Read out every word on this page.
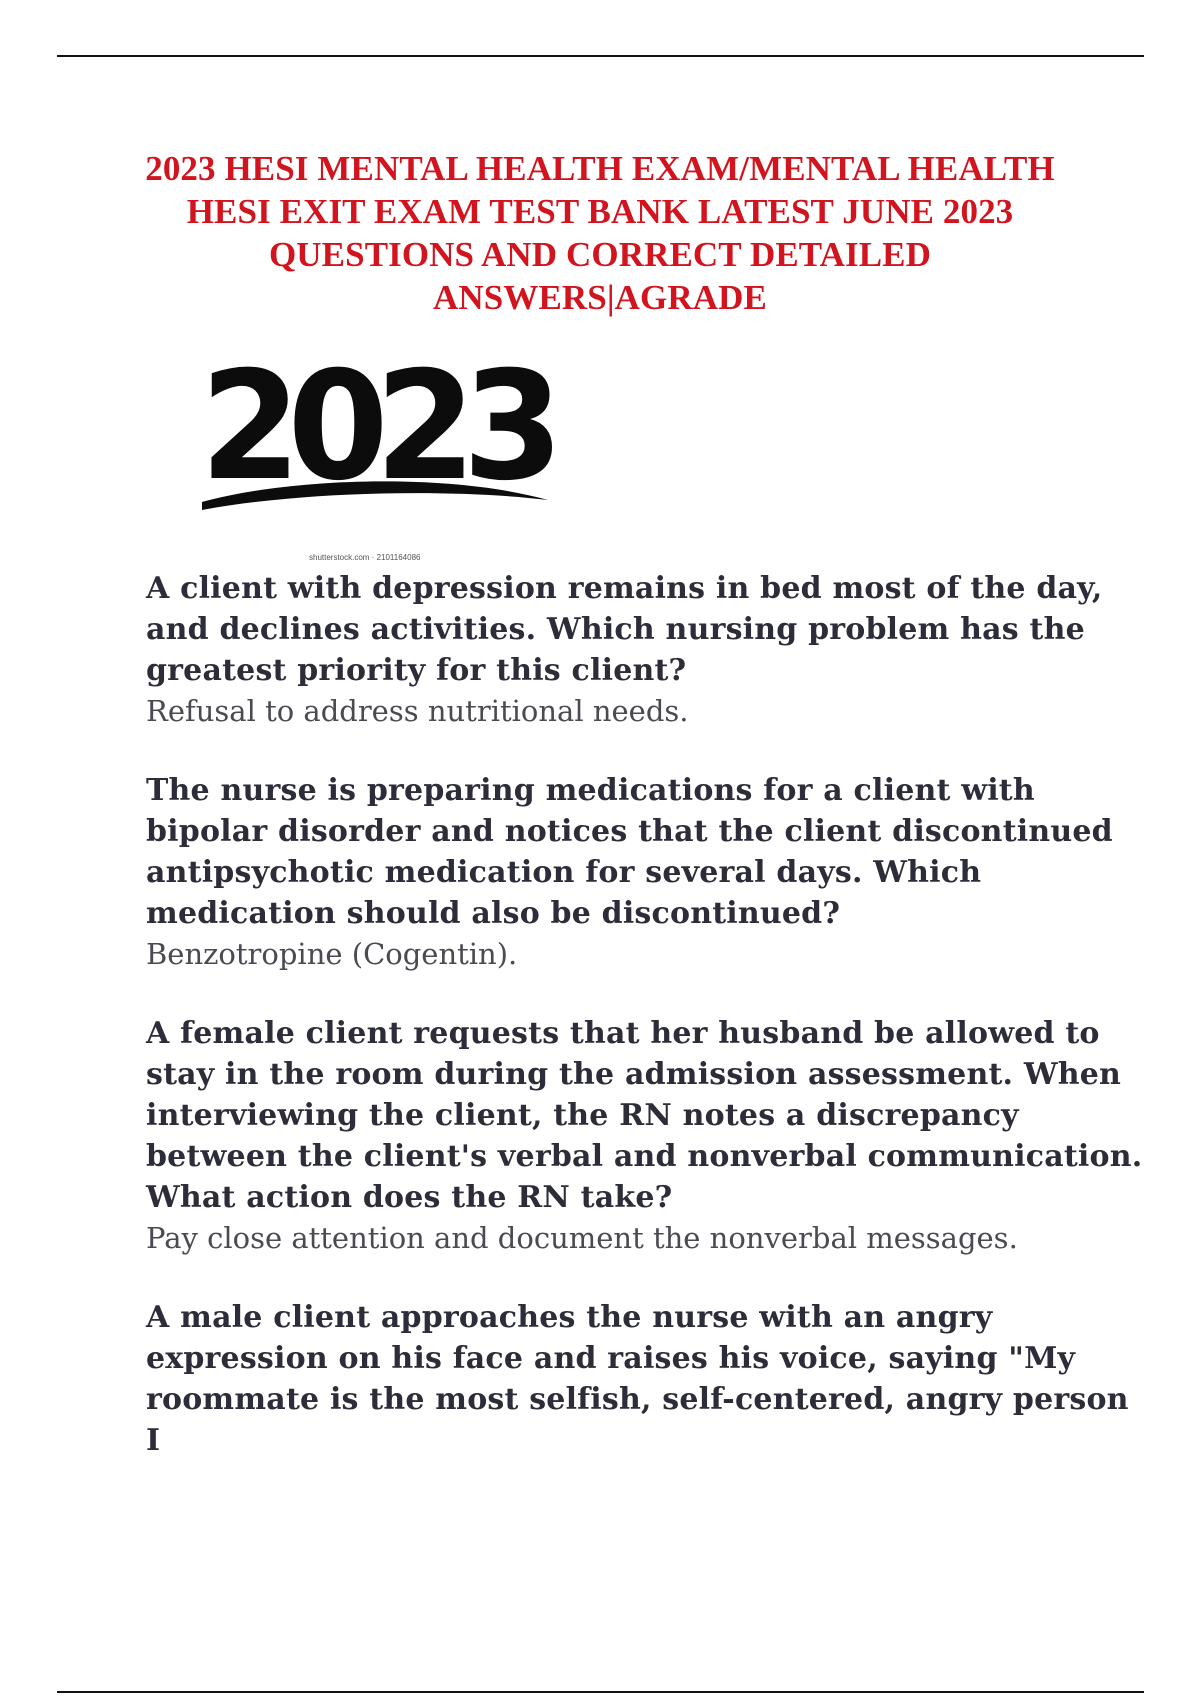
2023 HESI MENTAL HEALTH EXAM/MENTAL HEALTH HESI EXIT EXAM TEST BANK LATEST JUNE 2023 QUESTIONS AND CORRECT DETAILED ANSWERS|AGRADE
2023
shutterstock.com · 2101164086

A client with depression remains in bed most of the day, and declines activities. Which nursing problem has the greatest priority for this client?

Refusal to address nutritional needs.

The nurse is preparing medications for a client with bipolar disorder and notices that the client discontinued antipsychotic medication for several days. Which medication should also be discontinued?

Benzotropine (Cogentin).

A female client requests that her husband be allowed to stay in the room during the admission assessment. When interviewing the client, the RN notes a discrepancy between the client's verbal and nonverbal communication. What action does the RN take?

Pay close attention and document the nonverbal messages.

A male client approaches the nurse with an angry expression on his face and raises his voice, saying "My roommate is the most selfish, self-centered, angry person I
